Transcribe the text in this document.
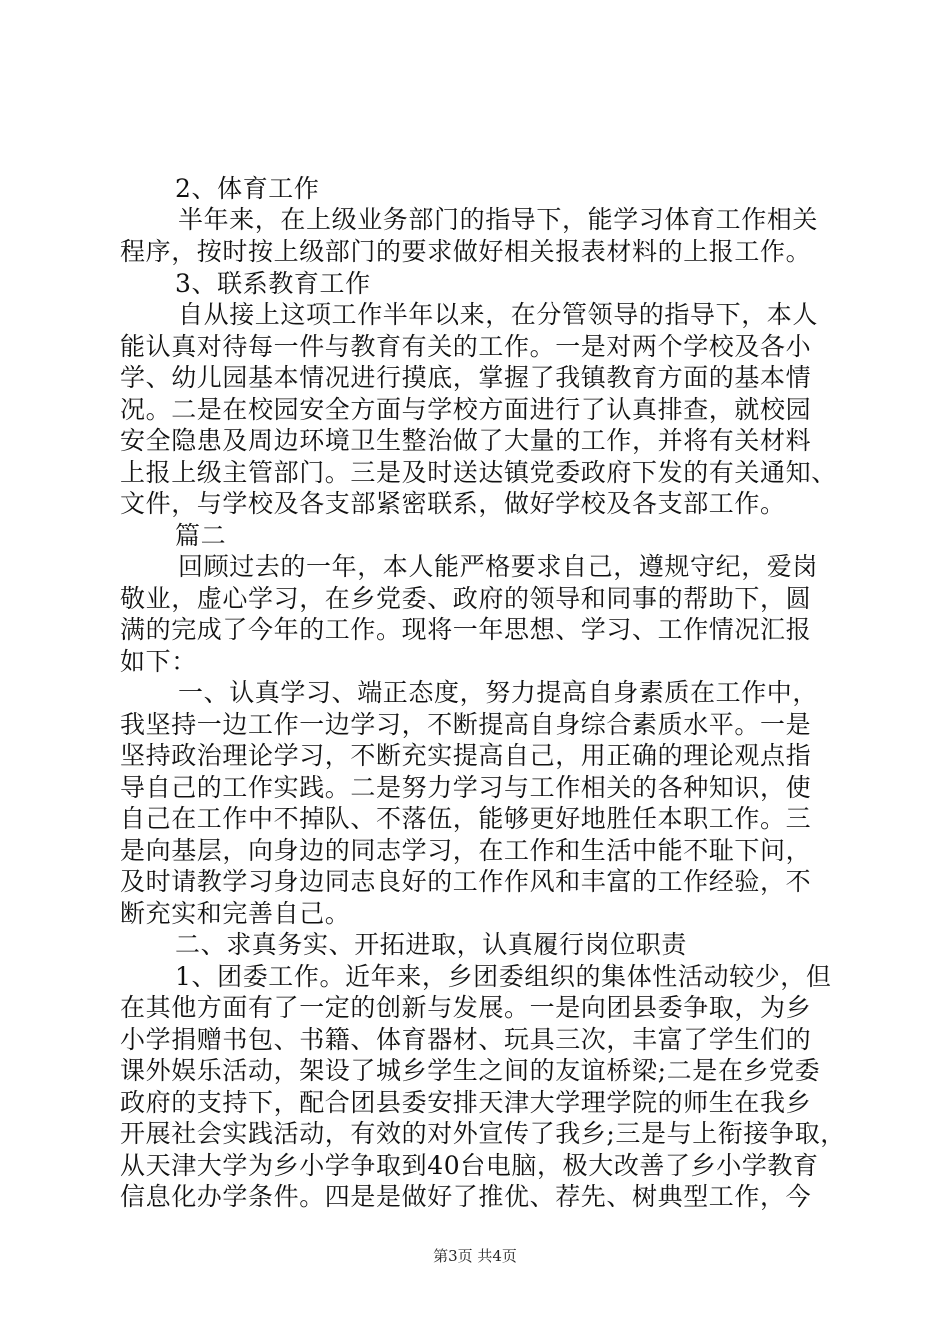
2、体育工作
半年来，在上级业务部门的指导下，能学习体育工作相关
程序，按时按上级部门的要求做好相关报表材料的上报工作。
3、联系教育工作
自从接上这项工作半年以来，在分管领导的指导下，本人
能认真对待每一件与教育有关的工作。一是对两个学校及各小
学、幼儿园基本情况进行摸底，掌握了我镇教育方面的基本情
况。二是在校园安全方面与学校方面进行了认真排查，就校园
安全隐患及周边环境卫生整治做了大量的工作，并将有关材料
上报上级主管部门。三是及时送达镇党委政府下发的有关通知、
文件，与学校及各支部紧密联系，做好学校及各支部工作。
篇二
回顾过去的一年，本人能严格要求自己，遵规守纪，爱岗
敬业，虚心学习，在乡党委、政府的领导和同事的帮助下，圆
满的完成了今年的工作。现将一年思想、学习、工作情况汇报
如下：
一、认真学习、端正态度，努力提高自身素质在工作中，
我坚持一边工作一边学习，不断提高自身综合素质水平。一是
坚持政治理论学习，不断充实提高自己，用正确的理论观点指
导自己的工作实践。二是努力学习与工作相关的各种知识，使
自己在工作中不掉队、不落伍，能够更好地胜任本职工作。三
是向基层，向身边的同志学习，在工作和生活中能不耻下问，
及时请教学习身边同志良好的工作作风和丰富的工作经验，不
断充实和完善自己。
二、求真务实、开拓进取，认真履行岗位职责
1、团委工作。近年来，乡团委组织的集体性活动较少，但
在其他方面有了一定的创新与发展。一是向团县委争取，为乡
小学捐赠书包、书籍、体育器材、玩具三次，丰富了学生们的
课外娱乐活动，架设了城乡学生之间的友谊桥梁;二是在乡党委
政府的支持下，配合团县委安排天津大学理学院的师生在我乡
开展社会实践活动，有效的对外宣传了我乡;三是与上衔接争取，
从天津大学为乡小学争取到40台电脑，极大改善了乡小学教育
信息化办学条件。四是是做好了推优、荐先、树典型工作，今
第3页 共4页
